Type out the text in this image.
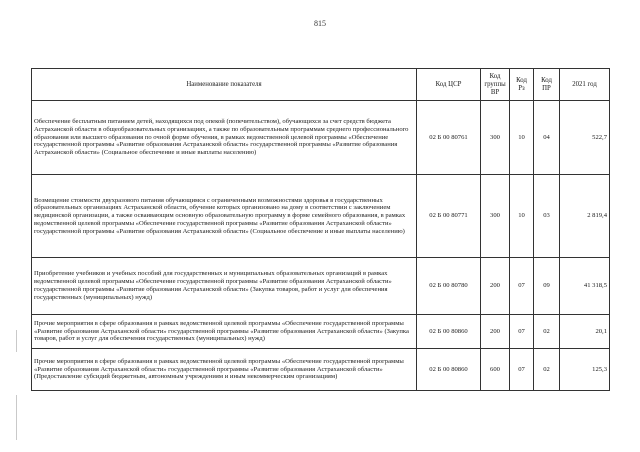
815
Наименование показателя	Код ЦСР	Код группы ВР	Код Рз	Код ПР	2021 год
Обеспечение бесплатным питанием детей, находящихся под опекой (попечительством), обучающихся за счет средств бюджета Астраханской области в общеобразовательных организациях, а также по образовательным программам среднего профессионального образования или высшего образования по очной форме обучения, в рамках ведомственной целевой программы «Обеспечение государственной программы «Развитие образования Астраханской области» государственной программы «Развитие образования Астраханской области» (Социальное обеспечение и иные выплаты населению)	02 Б 00 80761	300	10	04	522,7
Возмещение стоимости двухразового питания обучающимся с ограниченными возможностями здоровья в государственных образовательных организациях Астраханской области, обучение которых организовано на дому в соответствии с заключением медицинской организации, а также осваивающим основную образовательную программу в форме семейного образования, в рамках ведомственной целевой программы «Обеспечение государственной программы «Развитие образования Астраханской области» государственной программы «Развитие образования Астраханской области» (Социальное обеспечение и иные выплаты населению)	02 Б 00 80771	300	10	03	2 819,4
Приобретение учебников и учебных пособий для государственных и муниципальных образовательных организаций в рамках ведомственной целевой программы «Обеспечение государственной программы «Развитие образования Астраханской области» государственной программы «Развитие образования Астраханской области» (Закупка товаров, работ и услуг для обеспечения государственных (муниципальных) нужд)	02 Б 00 80780	200	07	09	41 318,5
Прочие мероприятия в сфере образования в рамках ведомственной целевой программы «Обеспечение государственной программы «Развитие образования Астраханской области» государственной программы «Развитие образования Астраханской области» (Закупка товаров, работ и услуг для обеспечения государственных (муниципальных) нужд)	02 Б 00 80860	200	07	02	20,1
Прочие мероприятия в сфере образования в рамках ведомственной целевой программы «Обеспечение государственной программы «Развитие образования Астраханской области» государственной программы «Развитие образования Астраханской области» (Предоставление субсидий бюджетным, автономным учреждениям и иным некоммерческим организациям)	02 Б 00 80860	600	07	02	125,3
